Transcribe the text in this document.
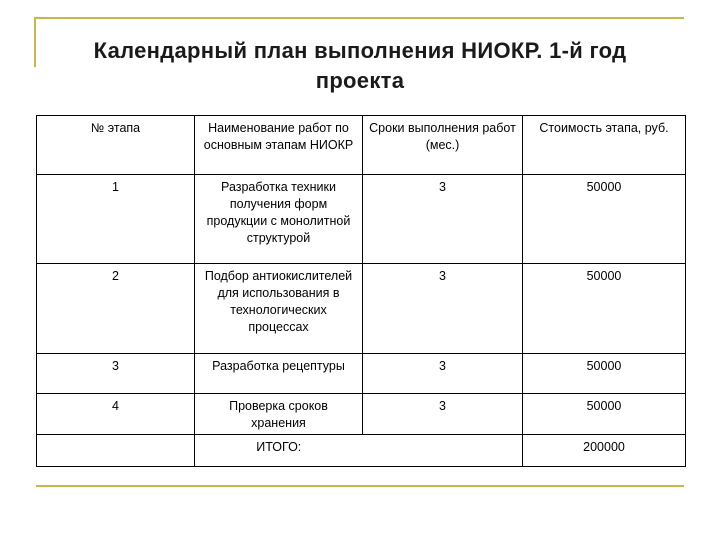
Календарный план выполнения НИОКР. 1-й год
проекта
№ этапа	Наименование работ по основным этапам НИОКР	Сроки выполнения работ (мес.)	Стоимость этапа, руб.
1	Разработка техники получения форм продукции с монолитной структурой	3	50000
2	Подбор антиокислителей для использования в технологических процессах	3	50000
3	Разработка рецептуры	3	50000
4	Проверка сроков хранения	3	50000
	ИТОГО:		200000
